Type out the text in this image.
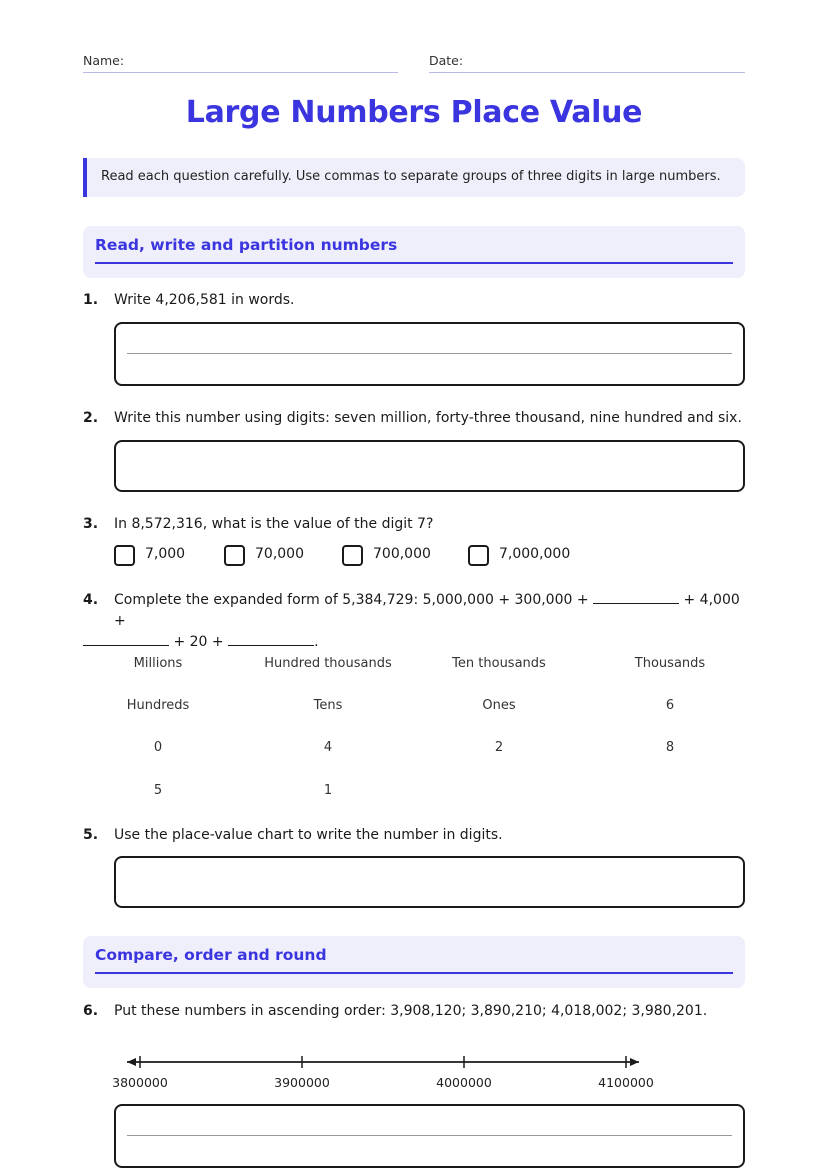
Name:	Date:
Large Numbers Place Value
Read each question carefully. Use commas to separate groups of three digits in large numbers.
Read, write and partition numbers
1. Write 4,206,581 in words.
2. Write this number using digits: seven million, forty-three thousand, nine hundred and six.
3. In 8,572,316, what is the value of the digit 7?
7,000	70,000	700,000	7,000,000
4. Complete the expanded form of 5,384,729: 5,000,000 + 300,000 +	+ 4,000 +
+ 20 +	.
Millions	Hundred thousands	Ten thousands	Thousands
Hundreds	Tens	Ones	6
0	4	2	8
5	1
5. Use the place-value chart to write the number in digits.
Compare, order and round
6. Put these numbers in ascending order: 3,908,120; 3,890,210; 4,018,002; 3,980,201.
3800000	3900000	4000000	4100000
